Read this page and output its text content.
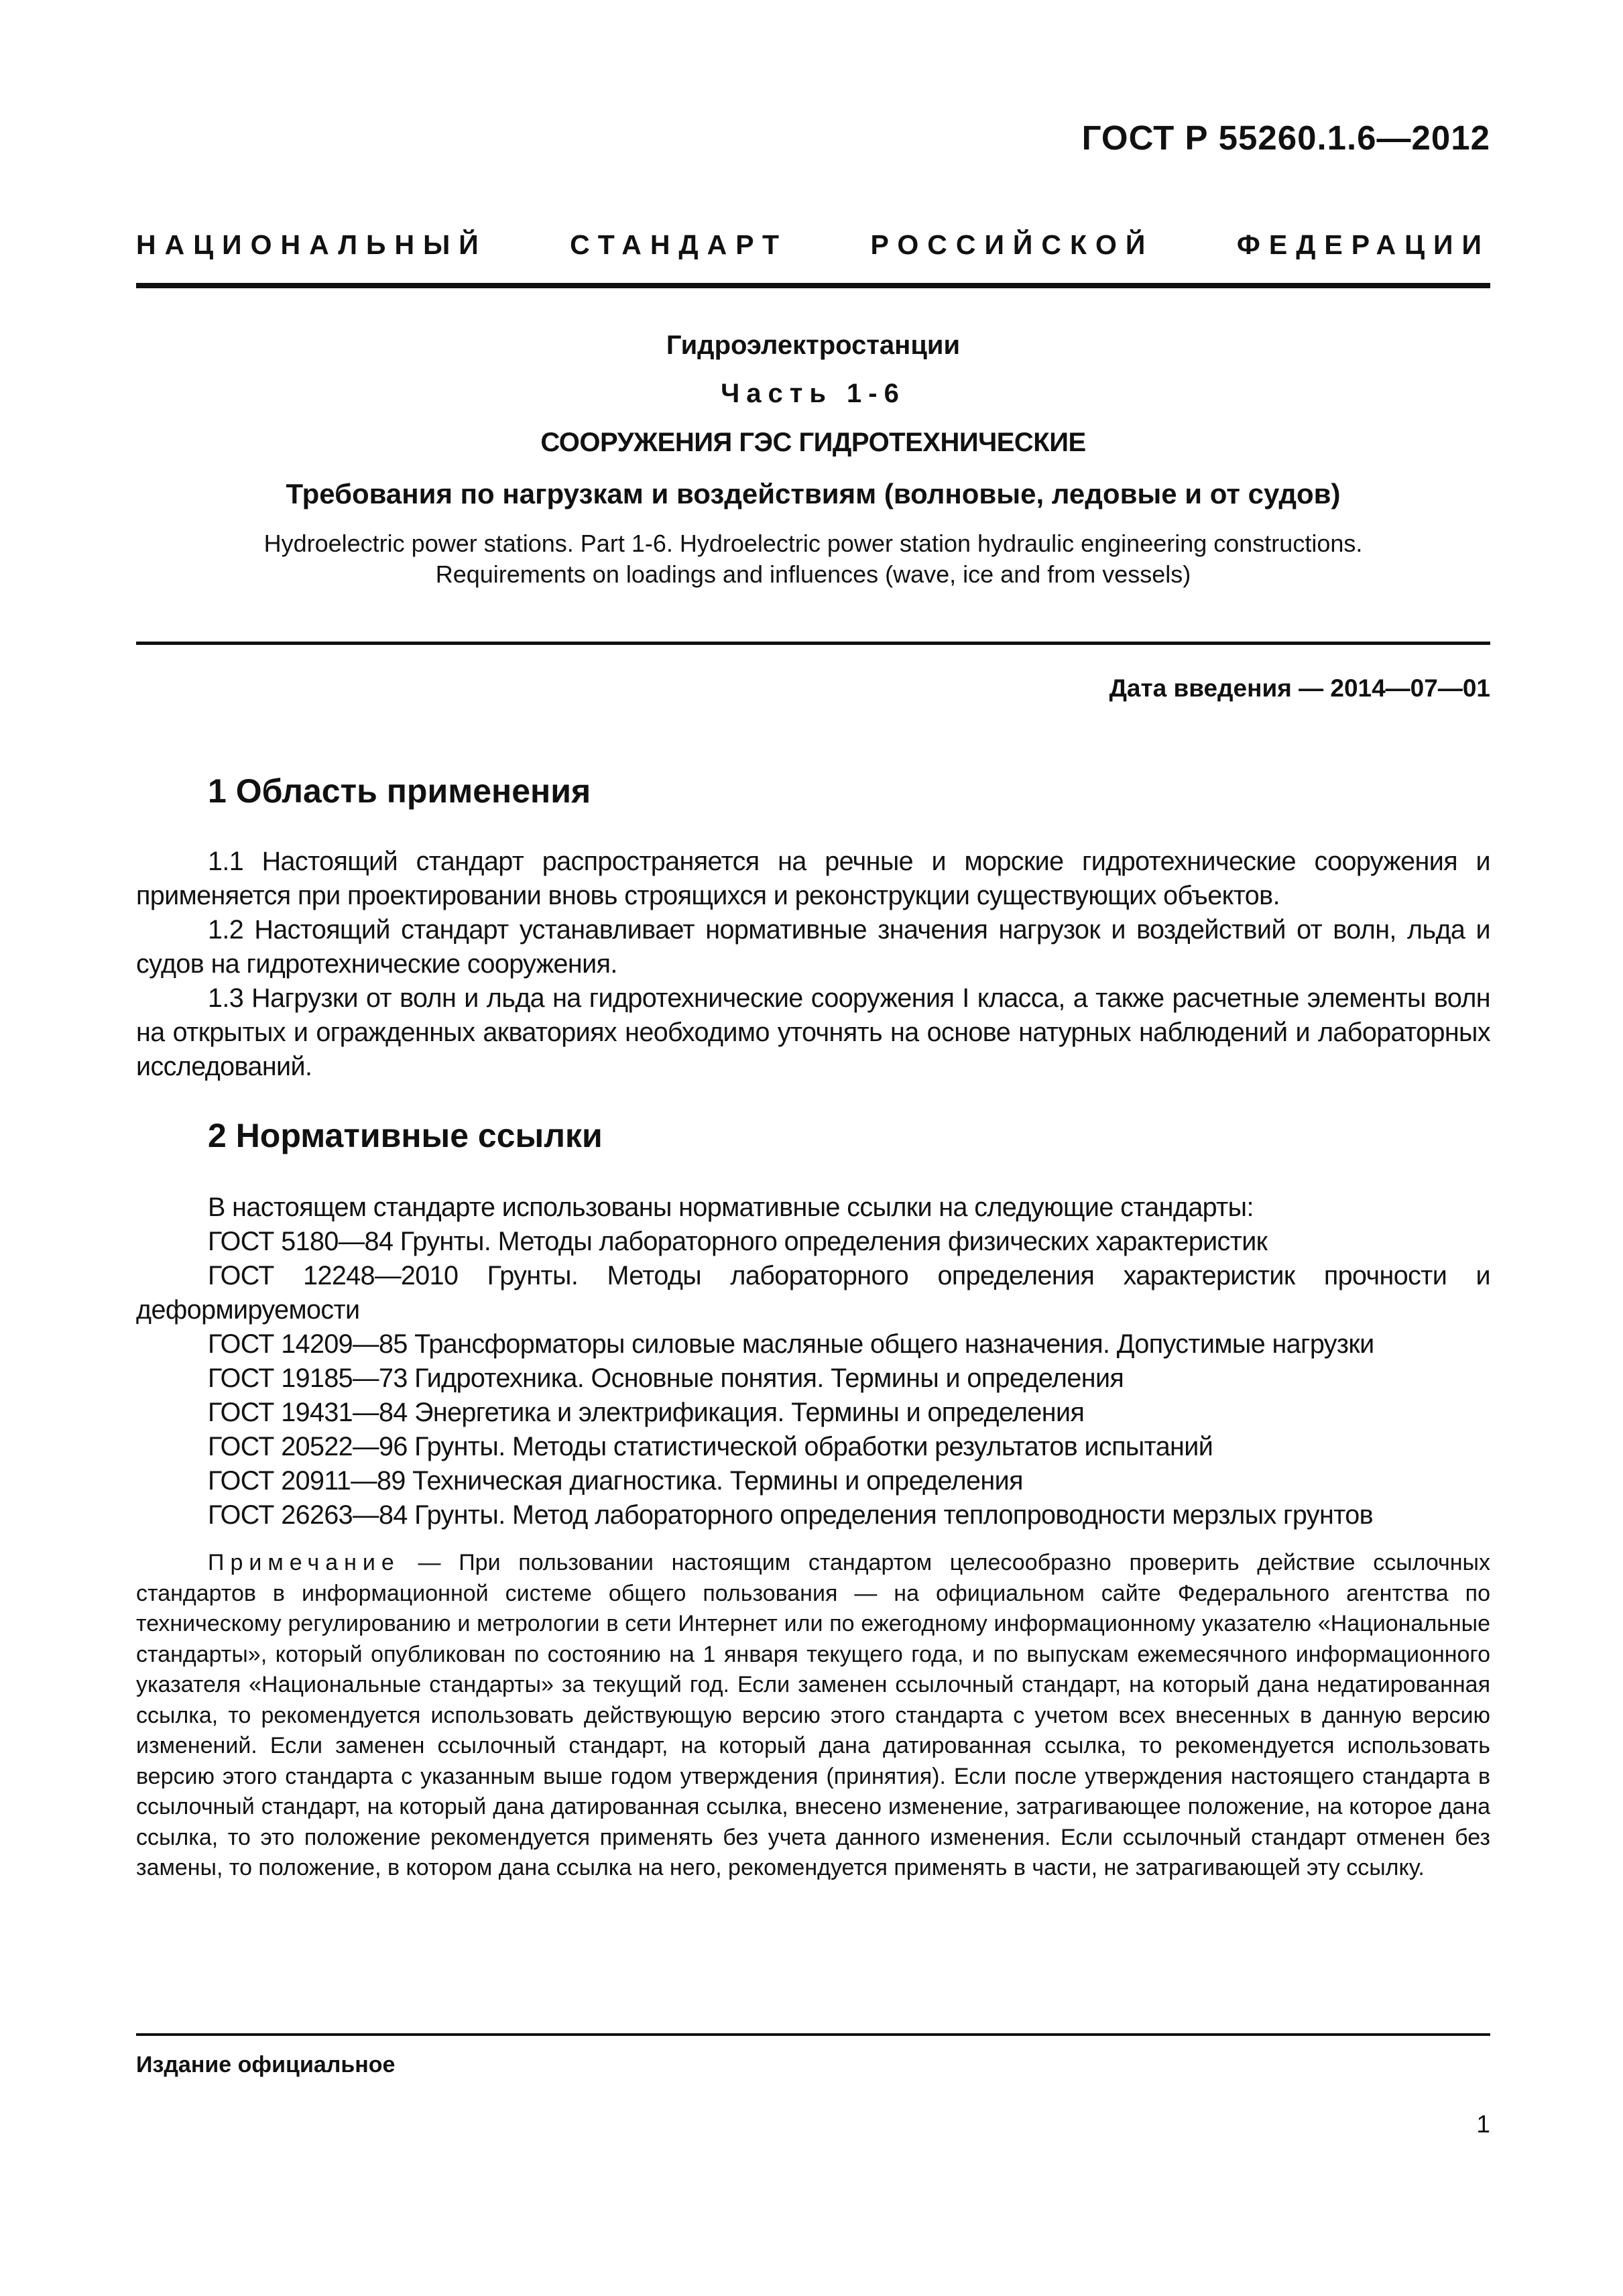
ГОСТ Р 55260.1.6—2012
НАЦИОНАЛЬНЫЙ СТАНДАРТ РОССИЙСКОЙ ФЕДЕРАЦИИ
Гидроэлектростанции
Часть 1-6
СООРУЖЕНИЯ ГЭС ГИДРОТЕХНИЧЕСКИЕ
Требования по нагрузкам и воздействиям (волновые, ледовые и от судов)
Hydroelectric power stations. Part 1-6. Hydroelectric power station hydraulic engineering constructions.
Requirements on loadings and influences (wave, ice and from vessels)
Дата введения — 2014—07—01
1 Область применения

1.1 Настоящий стандарт распространяется на речные и морские гидротехнические сооружения и применяется при проектировании вновь строящихся и реконструкции существующих объектов.

1.2 Настоящий стандарт устанавливает нормативные значения нагрузок и воздействий от волн, льда и судов на гидротехнические сооружения.

1.3 Нагрузки от волн и льда на гидротехнические сооружения I класса, а также расчетные элементы волн на открытых и огражденных акваториях необходимо уточнять на основе натурных наблюдений и лабораторных исследований.

2 Нормативные ссылки

В настоящем стандарте использованы нормативные ссылки на следующие стандарты:

ГОСТ 5180—84 Грунты. Методы лабораторного определения физических характеристик

ГОСТ 12248—2010 Грунты. Методы лабораторного определения характеристик прочности и деформируемости

ГОСТ 14209—85 Трансформаторы силовые масляные общего назначения. Допустимые нагрузки

ГОСТ 19185—73 Гидротехника. Основные понятия. Термины и определения

ГОСТ 19431—84 Энергетика и электрификация. Термины и определения

ГОСТ 20522—96 Грунты. Методы статистической обработки результатов испытаний

ГОСТ 20911—89 Техническая диагностика. Термины и определения

ГОСТ 26263—84 Грунты. Метод лабораторного определения теплопроводности мерзлых грунтов

Примечание — При пользовании настоящим стандартом целесообразно проверить действие ссылочных стандартов в информационной системе общего пользования — на официальном сайте Федерального агентства по техническому регулированию и метрологии в сети Интернет или по ежегодному информационному указателю «Национальные стандарты», который опубликован по состоянию на 1 января текущего года, и по выпускам ежемесячного информационного указателя «Национальные стандарты» за текущий год. Если заменен ссылочный стандарт, на который дана недатированная ссылка, то рекомендуется использовать действующую версию этого стандарта с учетом всех внесенных в данную версию изменений. Если заменен ссылочный стандарт, на который дана датированная ссылка, то рекомендуется использовать версию этого стандарта с указанным выше годом утверждения (принятия). Если после утверждения настоящего стандарта в ссылочный стандарт, на который дана датированная ссылка, внесено изменение, затрагивающее положение, на которое дана ссылка, то это положение рекомендуется применять без учета данного изменения. Если ссылочный стандарт отменен без замены, то положение, в котором дана ссылка на него, рекомендуется применять в части, не затрагивающей эту ссылку.
Издание официальное
1
